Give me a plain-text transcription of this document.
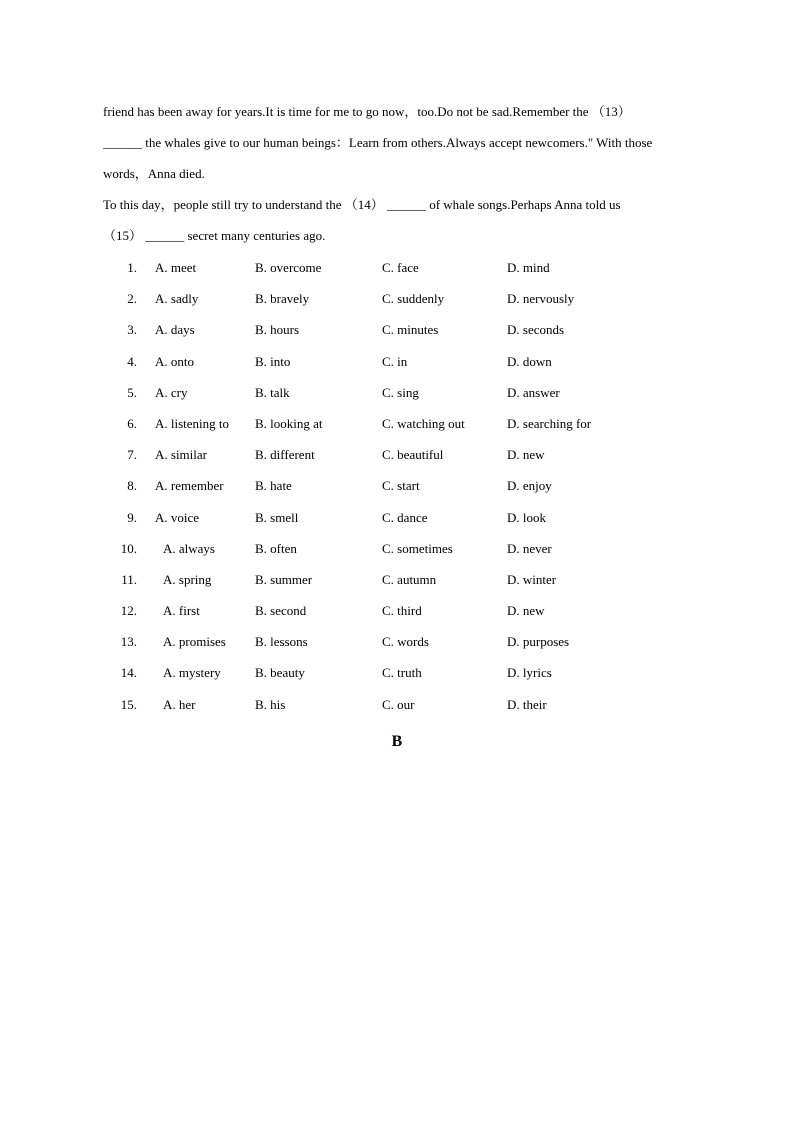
friend has been away for years.It is time for me to go now，too.Do not be sad.Remember the （13）
______ the whales give to our human beings：Learn from others.Always accept newcomers." With those
words，Anna died.
To this day，people still try to understand the （14） ______ of whale songs.Perhaps Anna told us
（15） ______ secret many centuries ago.
1. A. meet	B. overcome	C. face	D. mind
2. A. sadly	B. bravely	C. suddenly	D. nervously
3. A. days	B. hours	C. minutes	D. seconds
4. A. onto	B. into	C. in	D. down
5. A. cry	B. talk	C. sing	D. answer
6. A. listening to B. looking at	C. watching out	D. searching for
7. A. similar	B. different	C. beautiful	D. new
8. A. remember B. hate	C. start	D. enjoy
9. A. voice	B. smell	C. dance	D. look
10. A. always	B. often	C. sometimes	D. never
11. A. spring	B. summer	C. autumn	D. winter
12. A. first	B. second	C. third	D. new
13. A. promises B. lessons	C. words	D. purposes
14. A. mystery	B. beauty	C. truth	D. lyrics
15. A. her	B. his	C. our	D. their
B
